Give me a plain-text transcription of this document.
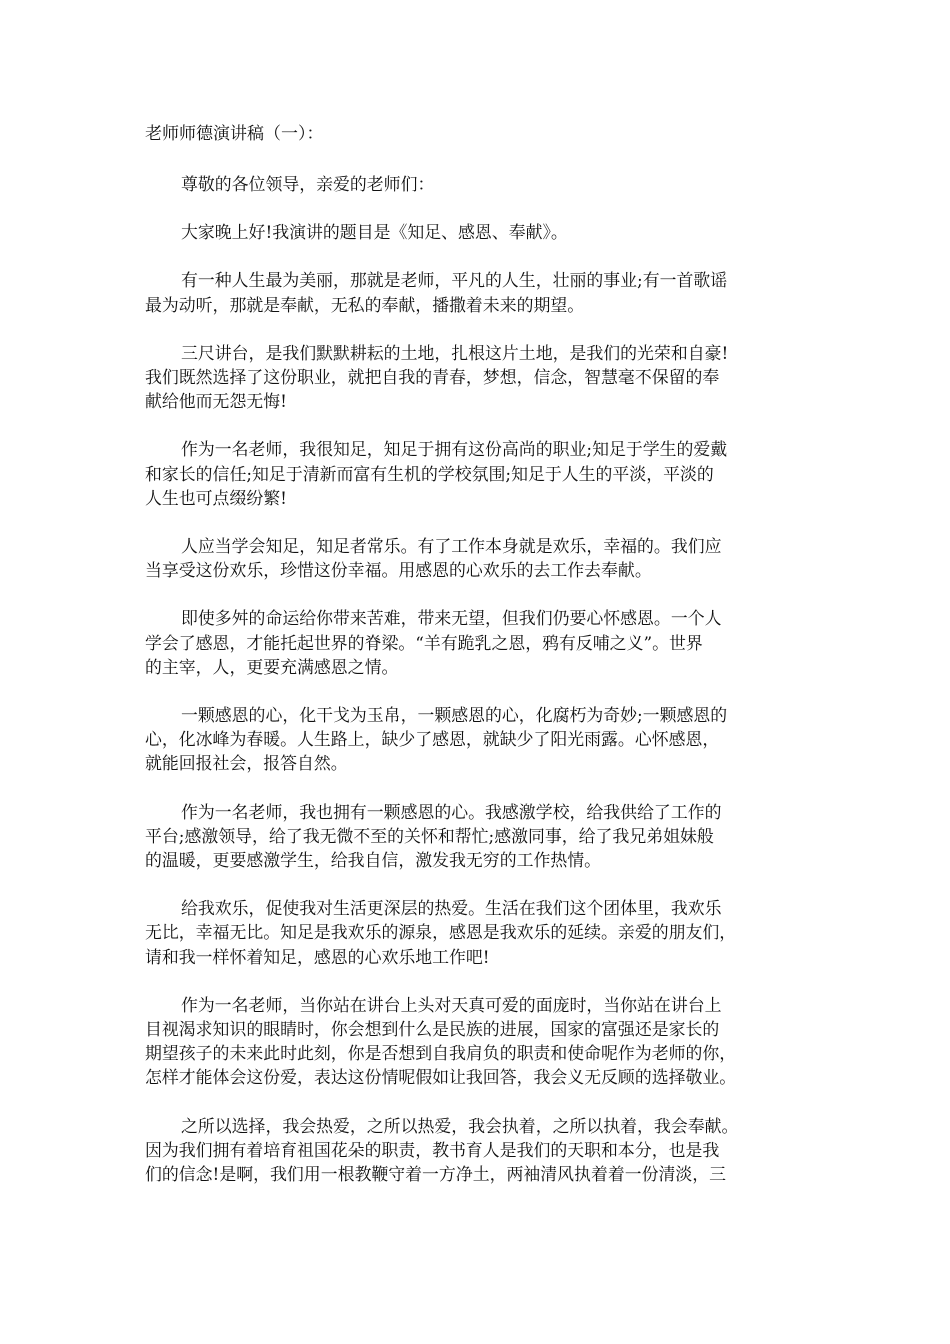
老师师德演讲稿（一）：

尊敬的各位领导，亲爱的老师们：

大家晚上好!我演讲的题目是《知足、感恩、奉献》。

有一种人生最为美丽，那就是老师，平凡的人生，壮丽的事业;有一首歌谣
最为动听，那就是奉献，无私的奉献，播撒着未来的期望。

三尺讲台，是我们默默耕耘的土地，扎根这片土地，是我们的光荣和自豪!
我们既然选择了这份职业，就把自我的青春，梦想，信念，智慧毫不保留的奉
献给他而无怨无悔!

作为一名老师，我很知足，知足于拥有这份高尚的职业;知足于学生的爱戴
和家长的信任;知足于清新而富有生机的学校氛围;知足于人生的平淡，平淡的
人生也可点缀纷繁!

人应当学会知足，知足者常乐。有了工作本身就是欢乐，幸福的。我们应
当享受这份欢乐，珍惜这份幸福。用感恩的心欢乐的去工作去奉献。

即使多舛的命运给你带来苦难，带来无望，但我们仍要心怀感恩。一个人
学会了感恩，才能托起世界的脊梁。“羊有跪乳之恩，鸦有反哺之义”。世界
的主宰，人，更要充满感恩之情。

一颗感恩的心，化干戈为玉帛，一颗感恩的心，化腐朽为奇妙;一颗感恩的
心，化冰峰为春暖。人生路上，缺少了感恩，就缺少了阳光雨露。心怀感恩，
就能回报社会，报答自然。

作为一名老师，我也拥有一颗感恩的心。我感激学校，给我供给了工作的
平台;感激领导，给了我无微不至的关怀和帮忙;感激同事，给了我兄弟姐妹般
的温暖，更要感激学生，给我自信，激发我无穷的工作热情。

给我欢乐，促使我对生活更深层的热爱。生活在我们这个团体里，我欢乐
无比，幸福无比。知足是我欢乐的源泉，感恩是我欢乐的延续。亲爱的朋友们，
请和我一样怀着知足，感恩的心欢乐地工作吧!

作为一名老师，当你站在讲台上头对天真可爱的面庞时，当你站在讲台上
目视渴求知识的眼睛时，你会想到什么是民族的进展，国家的富强还是家长的
期望孩子的未来此时此刻，你是否想到自我肩负的职责和使命呢作为老师的你，
怎样才能体会这份爱，表达这份情呢假如让我回答，我会义无反顾的选择敬业。

之所以选择，我会热爱，之所以热爱，我会执着，之所以执着，我会奉献。
因为我们拥有着培育祖国花朵的职责，教书育人是我们的天职和本分，也是我
们的信念!是啊，我们用一根教鞭守着一方净土，两袖清风执着着一份清淡，三
